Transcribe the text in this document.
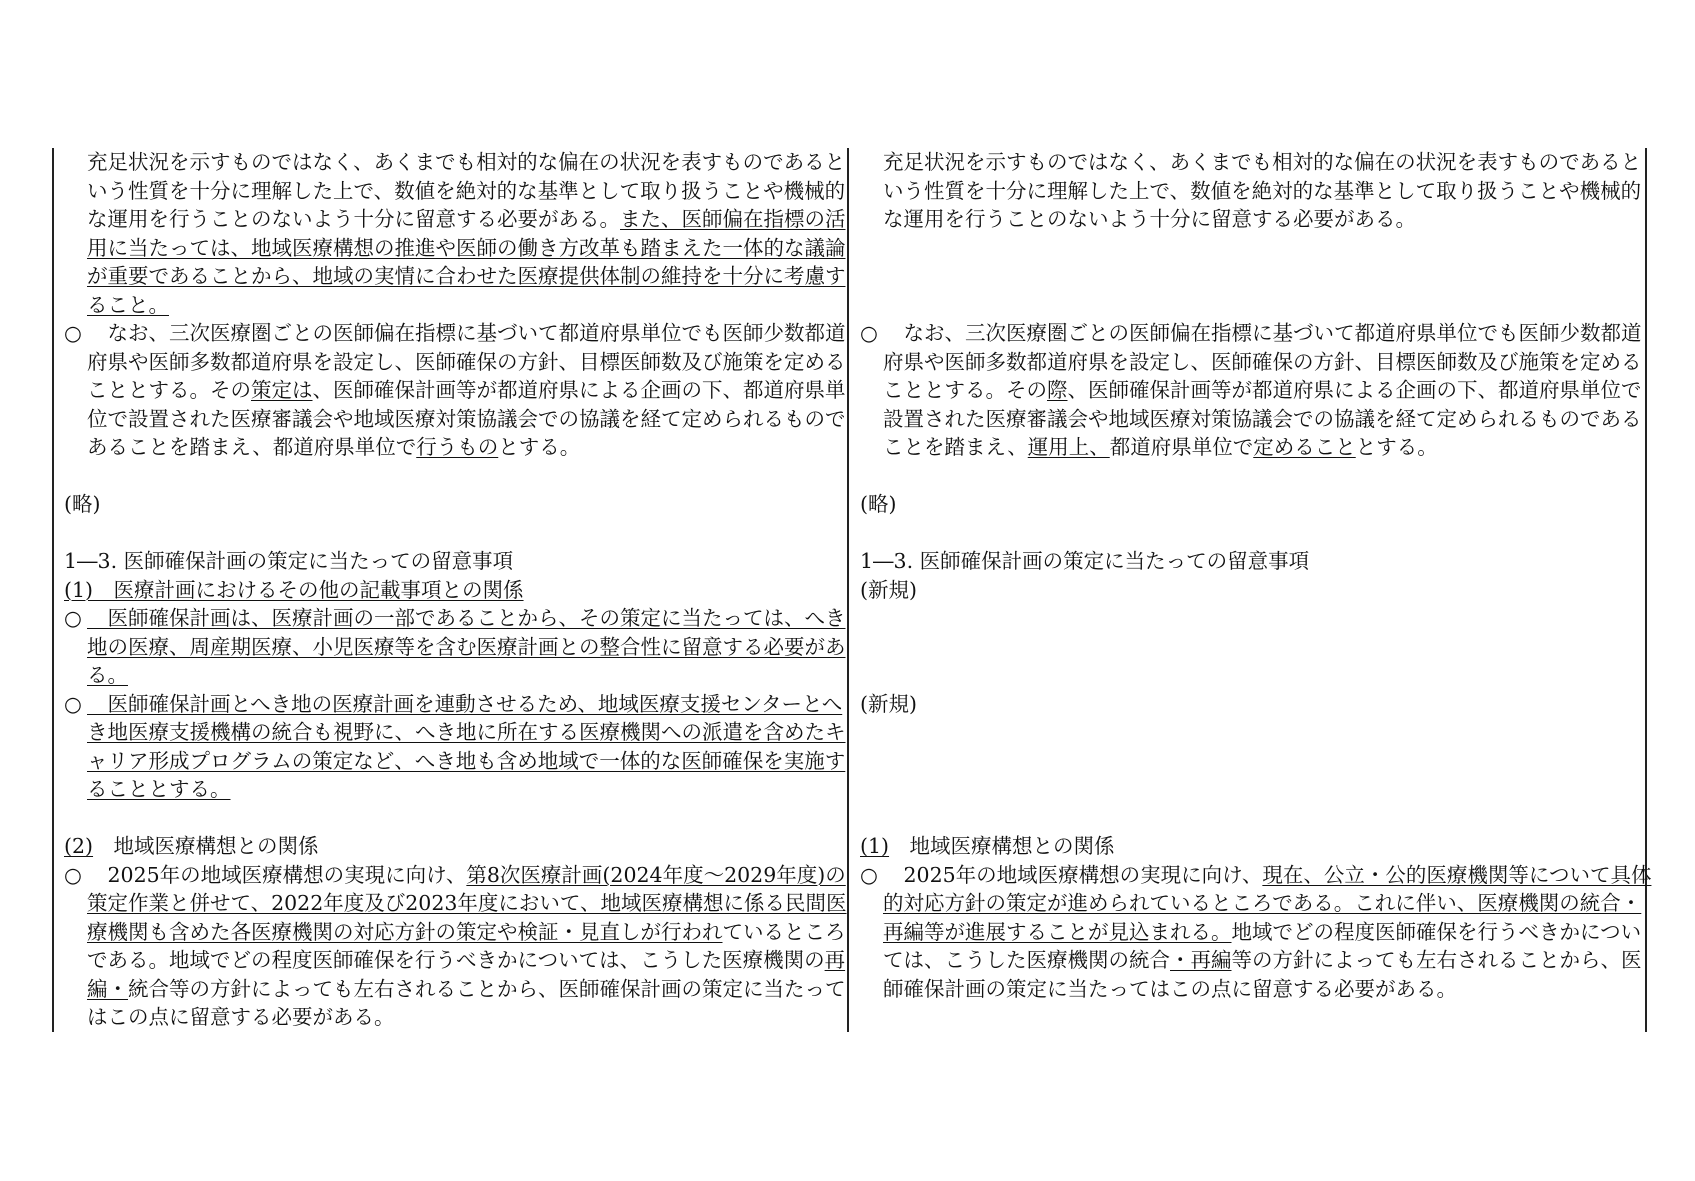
充足状況を示すものではなく、あくまでも相対的な偏在の状況を表すものであるという性質を十分に理解した上で、数値を絶対的な基準として取り扱うことや機械的な運用を行うことのないよう十分に留意する必要がある。また、医師偏在指標の活用に当たっては、地域医療構想の推進や医師の働き方改革も踏まえた一体的な議論が重要であることから、地域の実情に合わせた医療提供体制の維持を十分に考慮すること。
○ 　なお、三次医療圏ごとの医師偏在指標に基づいて都道府県単位でも医師少数都道府県や医師多数都道府県を設定し、医師確保の方針、目標医師数及び施策を定めることとする。その策定は、医師確保計画等が都道府県による企画の下、都道府県単位で設置された医療審議会や地域医療対策協議会での協議を経て定められるものであることを踏まえ、都道府県単位で行うものとする。
(略)
1―3. 医師確保計画の策定に当たっての留意事項
(1)　医療計画におけるその他の記載事項との関係
○ 　医師確保計画は、医療計画の一部であることから、その策定に当たっては、へき地の医療、周産期医療、小児医療等を含む医療計画との整合性に留意する必要がある。
○ 　医師確保計画とへき地の医療計画を連動させるため、地域医療支援センターとへき地医療支援機構の統合も視野に、へき地に所在する医療機関への派遣を含めたキャリア形成プログラムの策定など、へき地も含め地域で一体的な医師確保を実施することとする。
(2)　地域医療構想との関係
○ 　2025年の地域医療構想の実現に向け、第8次医療計画(2024年度～2029年度)の策定作業と併せて、2022年度及び2023年度において、地域医療構想に係る民間医療機関も含めた各医療機関の対応方針の策定や検証・見直しが行われているところである。地域でどの程度医師確保を行うべきかについては、こうした医療機関の再編・統合等の方針によっても左右されることから、医師確保計画の策定に当たってはこの点に留意する必要がある。
充足状況を示すものではなく、あくまでも相対的な偏在の状況を表すものであるという性質を十分に理解した上で、数値を絶対的な基準として取り扱うことや機械的な運用を行うことのないよう十分に留意する必要がある。
○ 　なお、三次医療圏ごとの医師偏在指標に基づいて都道府県単位でも医師少数都道府県や医師多数都道府県を設定し、医師確保の方針、目標医師数及び施策を定めることとする。その際、医師確保計画等が都道府県による企画の下、都道府県単位で設置された医療審議会や地域医療対策協議会での協議を経て定められるものであることを踏まえ、運用上、都道府県単位で定めることとする。
(略)
1―3. 医師確保計画の策定に当たっての留意事項
(新規)
(新規)
(1)　地域医療構想との関係
○ 　2025年の地域医療構想の実現に向け、現在、公立・公的医療機関等について具体的対応方針の策定が進められているところである。これに伴い、医療機関の統合・再編等が進展することが見込まれる。地域でどの程度医師確保を行うべきかについては、こうした医療機関の統合・再編等の方針によっても左右されることから、医師確保計画の策定に当たってはこの点に留意する必要がある。
